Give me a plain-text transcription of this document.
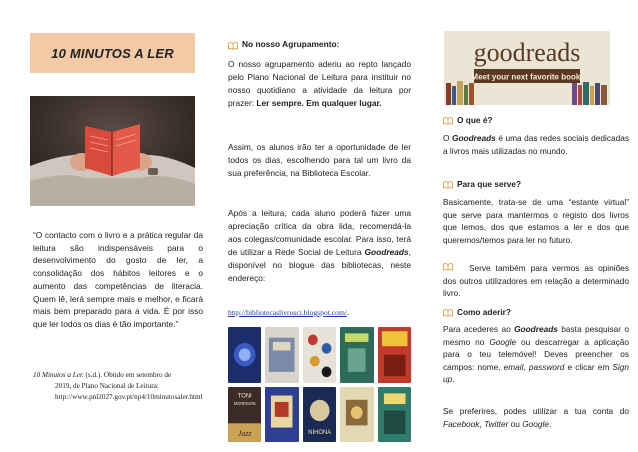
10 MINUTOS A LER

“O contacto com o livro e a prática regular da leitura são indispensáveis para o desenvolvimento do gosto de ler, a consolidação dos hábitos leitores e o aumento das competências de literacia. Quem lê, lerá sempre mais e melhor, e ficará mais bem preparado para a vida. É por isso que ler todos os dias é tão importante.”

10 Minutos a Ler. (s.d.). Obtido em setembro de
2019, de Plano Nacional de Leitura:
http://www.pnl2027.gov.pt/np4/10minutosaler.html
No nosso Agrupamento:

O nosso agrupamento aderiu ao repto lançado pelo Plano Nacional de Leitura para instituir no nosso quotidiano a atividade da leitura por prazer: Ler sempre. Em qualquer lugar.

Assim, os alunos irão ter a oportunidade de ler todos os dias, escolhendo para tal um livro da sua preferência, na Biblioteca Escolar.

Após a leitura, cada aluno poderá fazer uma apreciação crítica da obra lida, recomendá-la aos colegas/comunidade escolar. Para isso, terá de utilizar a Rede Social de Leitura Goodreads, disponível no blogue das bibliotecas, neste endereço:

http://bibliotecaslivrosci.blogspot.com/.
TONI
MORRISON
Jazz	NIHONA
goodreads
Meet your next favorite book.
O que é?

O Goodreads é uma das redes sociais dedicadas a livros mais utilizadas no mundo.

Para que serve?

Basicamente, trata-se de uma “estante virtual” que serve para mantermos o registo dos livros que lemos, dos que estamos a ler e dos que queremos/temos para ler no futuro.

Serve também para vermos as opiniões dos outros utilizadores em relação a determinado livro.

Como aderir?

Para acederes ao Goodreads basta pesquisar o mesmo no Google ou descarregar a aplicação para o teu telemóvel! Deves preencher os campos: nome, email, password e clicar em Sign up.

Se preferires, podes utilizar a tua conta do Facebook, Twitter ou Google.
